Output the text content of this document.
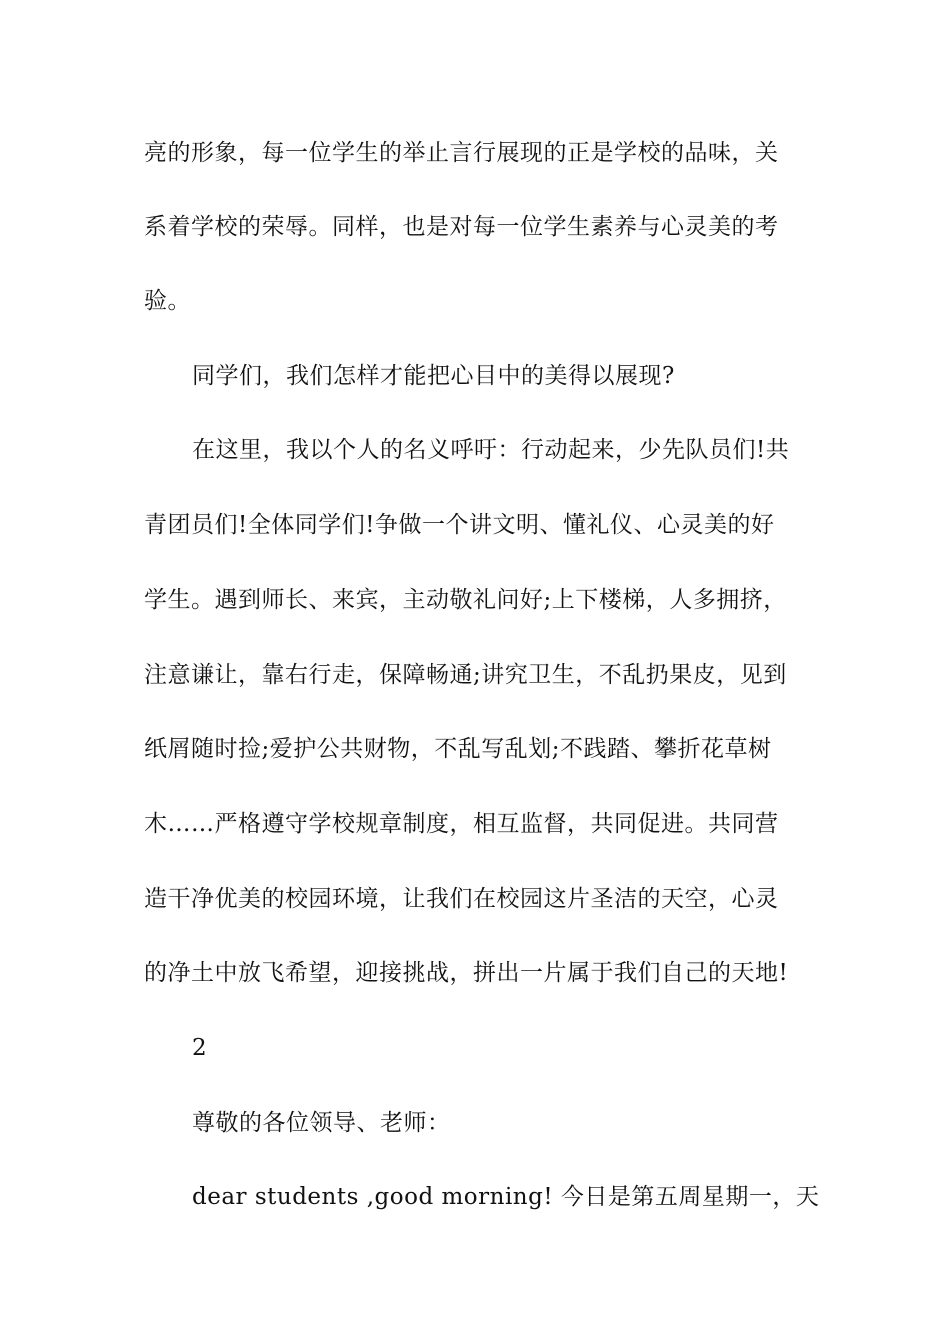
亮的形象，每一位学生的举止言行展现的正是学校的品味，关
系着学校的荣辱。同样，也是对每一位学生素养与心灵美的考
验。
同学们，我们怎样才能把心目中的美得以展现?
在这里，我以个人的名义呼吁：行动起来，少先队员们!共
青团员们!全体同学们!争做一个讲文明、懂礼仪、心灵美的好
学生。遇到师长、来宾，主动敬礼问好;上下楼梯，人多拥挤，
注意谦让，靠右行走，保障畅通;讲究卫生，不乱扔果皮，见到
纸屑随时捡;爱护公共财物，不乱写乱划;不践踏、攀折花草树
木……严格遵守学校规章制度，相互监督，共同促进。共同营
造干净优美的校园环境，让我们在校园这片圣洁的天空，心灵
的净土中放飞希望，迎接挑战，拼出一片属于我们自己的天地!
2
尊敬的各位领导、老师：
dear students ,good morning! 今日是第五周星期一，天
